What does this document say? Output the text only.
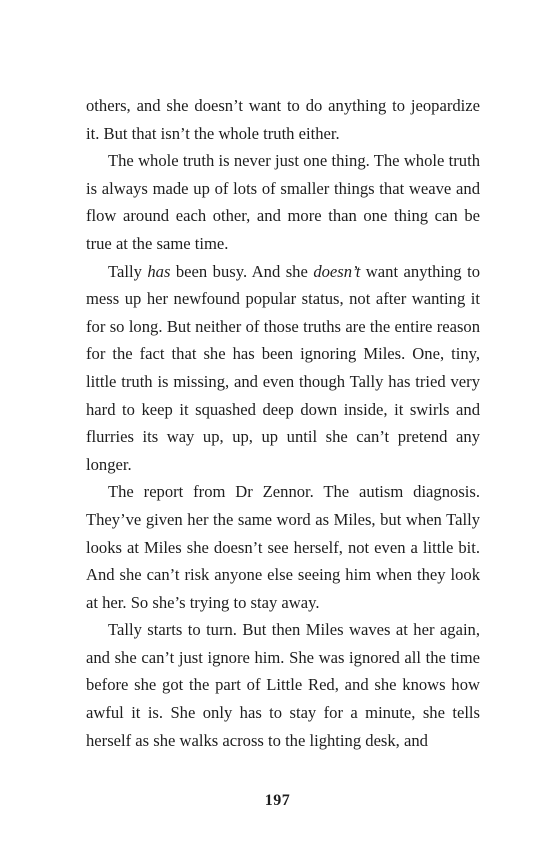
others, and she doesn’t want to do anything to jeopardize it. But that isn’t the whole truth either.

The whole truth is never just one thing. The whole truth is always made up of lots of smaller things that weave and flow around each other, and more than one thing can be true at the same time.

Tally has been busy. And she doesn’t want anything to mess up her newfound popular status, not after wanting it for so long. But neither of those truths are the entire reason for the fact that she has been ignoring Miles. One, tiny, little truth is missing, and even though Tally has tried very hard to keep it squashed deep down inside, it swirls and flurries its way up, up, up until she can’t pretend any longer.

The report from Dr Zennor. The autism diagnosis. They’ve given her the same word as Miles, but when Tally looks at Miles she doesn’t see herself, not even a little bit. And she can’t risk anyone else seeing him when they look at her. So she’s trying to stay away.

Tally starts to turn. But then Miles waves at her again, and she can’t just ignore him. She was ignored all the time before she got the part of Little Red, and she knows how awful it is. She only has to stay for a minute, she tells herself as she walks across to the lighting desk, and

197
